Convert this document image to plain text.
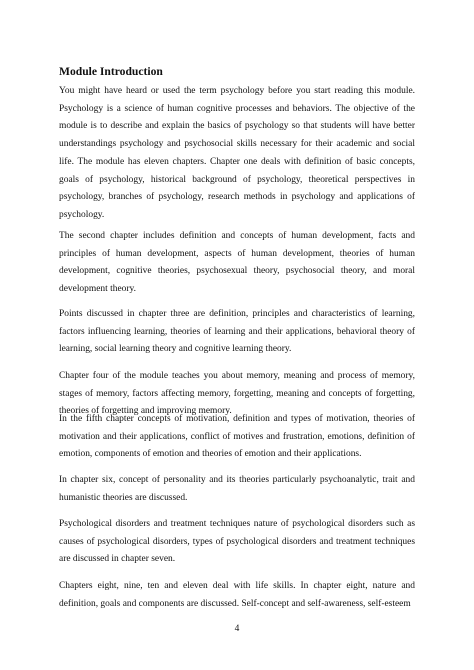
Module Introduction

You might have heard or used the term psychology before you start reading this module. Psychology is a science of human cognitive processes and behaviors. The objective of the module is to describe and explain the basics of psychology so that students will have better understandings psychology and psychosocial skills necessary for their academic and social life. The module has eleven chapters. Chapter one deals with definition of basic concepts, goals of psychology, historical background of psychology, theoretical perspectives in psychology, branches of psychology, research methods in psychology and applications of psychology.

The second chapter includes definition and concepts of human development, facts and principles of human development, aspects of human development, theories of human development, cognitive theories, psychosexual theory, psychosocial theory, and moral development theory.

Points discussed in chapter three are definition, principles and characteristics of learning, factors influencing learning, theories of learning and their applications, behavioral theory of learning, social learning theory and cognitive learning theory.

Chapter four of the module teaches you about memory, meaning and process of memory, stages of memory, factors affecting memory, forgetting, meaning and concepts of forgetting, theories of forgetting and improving memory.

In the fifth chapter concepts of motivation, definition and types of motivation, theories of motivation and their applications, conflict of motives and frustration, emotions, definition of emotion, components of emotion and theories of emotion and their applications.

In chapter six, concept of personality and its theories particularly psychoanalytic, trait and humanistic theories are discussed.

Psychological disorders and treatment techniques nature of psychological disorders such as causes of psychological disorders, types of psychological disorders and treatment techniques are discussed in chapter seven.

Chapters eight, nine, ten and eleven deal with life skills. In chapter eight, nature and definition, goals and components are discussed. Self-concept and self-awareness, self-esteem

4
